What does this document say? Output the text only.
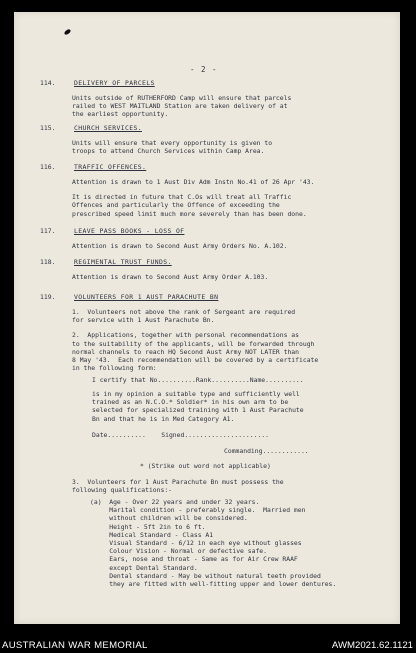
- 2 -
114.	DELIVERY OF PARCELS
Units outside of RUTHERFORD Camp will ensure that parcels
railed to WEST MAITLAND Station are taken delivery of at
the earliest opportunity.
115.	CHURCH SERVICES.
Units will ensure that every opportunity is given to
troops to attend Church Services within Camp Area.
116.	TRAFFIC OFFENCES.
Attention is drawn to 1 Aust Div Adm Instn No.41 of 26 Apr '43.
It is directed in future that C.Os will treat all Traffic
Offences and particularly the Offence of exceeding the
prescribed speed limit much more severely than has been done.
117.	LEAVE PASS BOOKS - LOSS OF
Attention is drawn to Second Aust Army Orders No. A.102.
118.	REGIMENTAL TRUST FUNDS.
Attention is drawn to Second Aust Army Order A.103.
119.	VOLUNTEERS FOR 1 AUST PARACHUTE BN
1.  Volunteers not above the rank of Sergeant are required
for service with 1 Aust Parachute Bn.
2.  Applications, together with personal recommendations as
to the suitability of the applicants, will be forwarded through
normal channels to reach HQ Second Aust Army NOT LATER than
8 May '43.  Each recommendation will be covered by a certificate
in the following form:
I certify that No..........Rank..........Name..........
is in my opinion a suitable type and sufficiently well
trained as an N.C.O.* Soldier* in his own arm to be
selected for specialized training with 1 Aust Parachute
Bn and that he is in Med Category A1.
Date..........    Signed......................
Commanding............
* (Strike out word not applicable)
3.  Volunteers for 1 Aust Parachute Bn must possess the
following qualifications:-
(a)  Age - Over 22 years and under 32 years.
Marital condition - preferably single.  Married men
without children will be considered.
Height - 5ft 2in to 6 ft.
Medical Standard - Class A1
Visual Standard - 6/12 in each eye without glasses
Colour Vision - Normal or defective safe.
Ears, nose and throat - Same as for Air Crew RAAF
except Dental Standard.
Dental standard - May be without natural teeth provided
they are fitted with well-fitting upper and lower dentures.
AUSTRALIAN WAR MEMORIAL	AWM2021.62.1121
